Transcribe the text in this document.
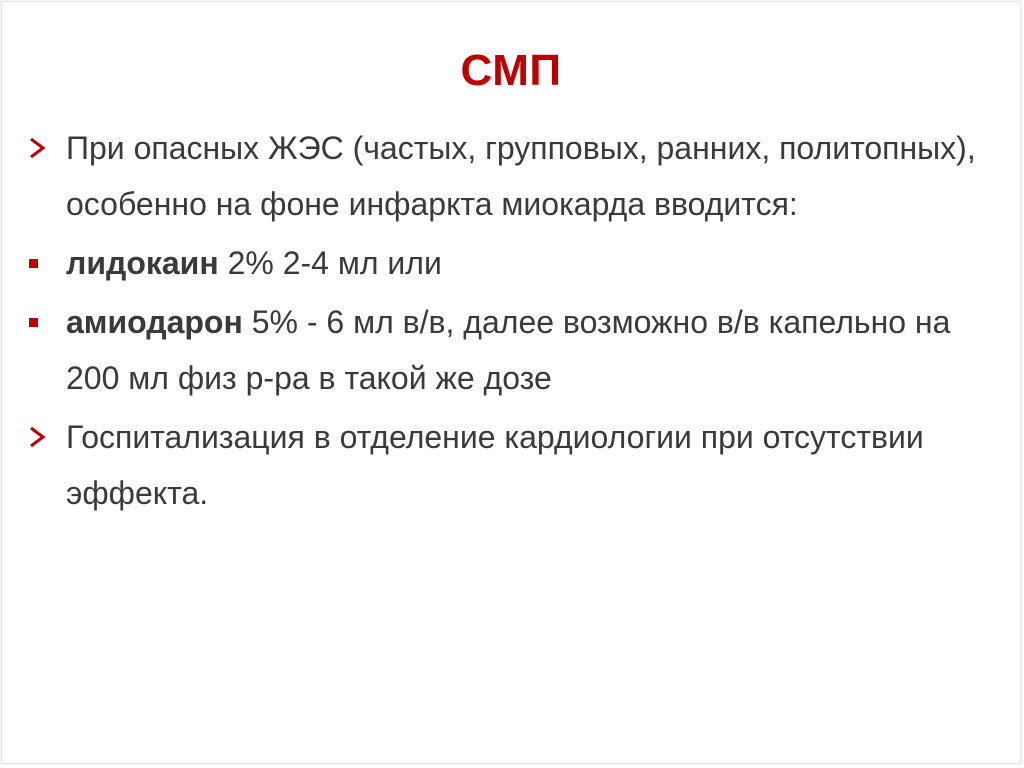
СМП
При опасных ЖЭС (частых, групповых, ранних, политопных), особенно на фоне инфаркта миокарда вводится:
лидокаин 2% 2-4 мл или
амиодарон 5% - 6 мл в/в, далее возможно в/в капельно на 200 мл физ р-ра в такой же дозе
Госпитализация в отделение кардиологии при отсутствии эффекта.
